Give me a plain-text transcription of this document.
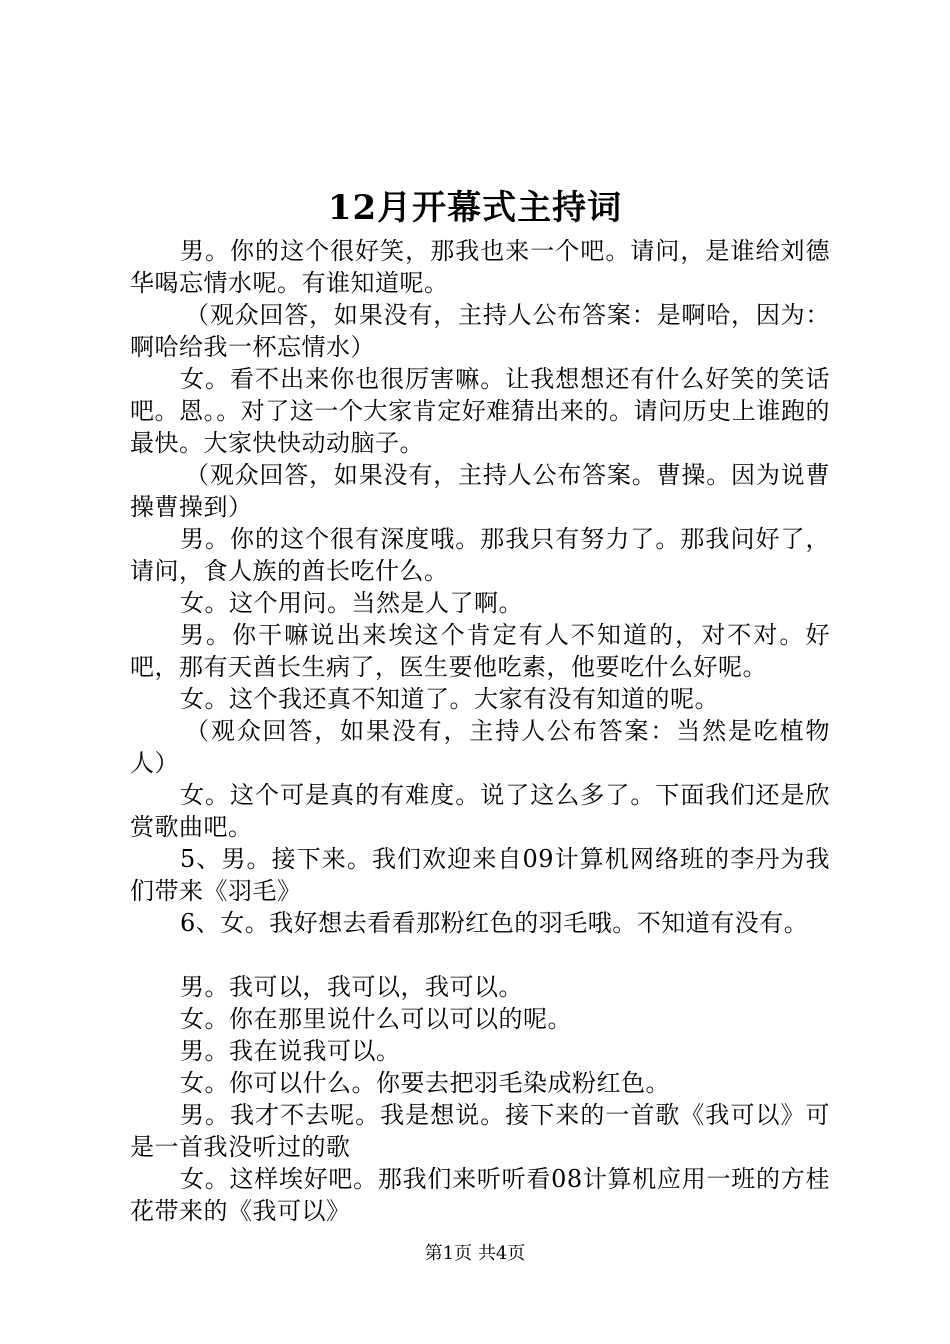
12月开幕式主持词

男。你的这个很好笑，那我也来一个吧。请问，是谁给刘德华喝忘情水呢。有谁知道呢。

（观众回答，如果没有，主持人公布答案：是啊哈，因为：啊哈给我一杯忘情水）

女。看不出来你也很厉害嘛。让我想想还有什么好笑的笑话吧。恩。。对了这一个大家肯定好难猜出来的。请问历史上谁跑的最快。大家快快动动脑子。

（观众回答，如果没有，主持人公布答案。曹操。因为说曹操曹操到）

男。你的这个很有深度哦。那我只有努力了。那我问好了，请问，食人族的酋长吃什么。

女。这个用问。当然是人了啊。

男。你干嘛说出来埃这个肯定有人不知道的，对不对。好吧，那有天酋长生病了，医生要他吃素，他要吃什么好呢。

女。这个我还真不知道了。大家有没有知道的呢。

（观众回答，如果没有，主持人公布答案：当然是吃植物人）

女。这个可是真的有难度。说了这么多了。下面我们还是欣赏歌曲吧。

5、男。接下来。我们欢迎来自09计算机网络班的李丹为我们带来《羽毛》

6、女。我好想去看看那粉红色的羽毛哦。不知道有没有。

男。我可以，我可以，我可以。

女。你在那里说什么可以可以的呢。

男。我在说我可以。

女。你可以什么。你要去把羽毛染成粉红色。

男。我才不去呢。我是想说。接下来的一首歌《我可以》可是一首我没听过的歌

女。这样埃好吧。那我们来听听看08计算机应用一班的方桂花带来的《我可以》

第1页 共4页
